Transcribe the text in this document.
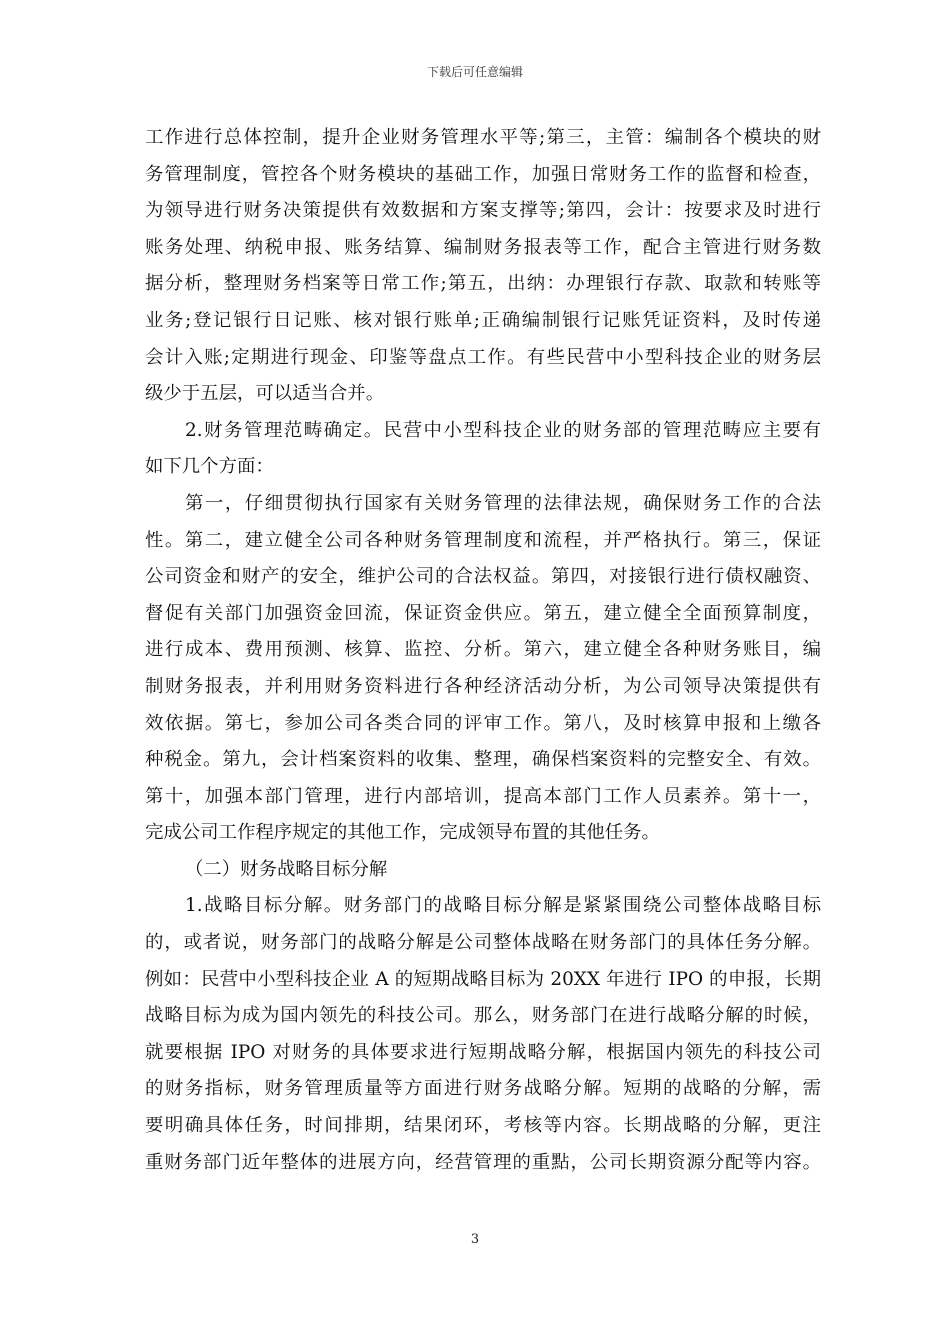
下载后可任意编辑
工作进行总体控制，提升企业财务管理水平等;第三，主管：编制各个模块的财
务管理制度，管控各个财务模块的基础工作，加强日常财务工作的监督和检查，
为领导进行财务决策提供有效数据和方案支撑等;第四，会计：按要求及时进行
账务处理、纳税申报、账务结算、编制财务报表等工作，配合主管进行财务数
据分析，整理财务档案等日常工作;第五，出纳：办理银行存款、取款和转账等
业务;登记银行日记账、核对银行账单;正确编制银行记账凭证资料，及时传递
会计入账;定期进行现金、印鉴等盘点工作。有些民营中小型科技企业的财务层
级少于五层，可以适当合并。
2.财务管理范畴确定。民营中小型科技企业的财务部的管理范畴应主要有
如下几个方面：
第一，仔细贯彻执行国家有关财务管理的法律法规，确保财务工作的合法
性。第二，建立健全公司各种财务管理制度和流程，并严格执行。第三，保证
公司资金和财产的安全，维护公司的合法权益。第四，对接银行进行债权融资、
督促有关部门加强资金回流，保证资金供应。第五，建立健全全面预算制度，
进行成本、费用预测、核算、监控、分析。第六，建立健全各种财务账目，编
制财务报表，并利用财务资料进行各种经济活动分析，为公司领导决策提供有
效依据。第七，参加公司各类合同的评审工作。第八，及时核算申报和上缴各
种税金。第九，会计档案资料的收集、整理，确保档案资料的完整安全、有效。
第十，加强本部门管理，进行内部培训，提高本部门工作人员素养。第十一，
完成公司工作程序规定的其他工作，完成领导布置的其他任务。
（二）财务战略目标分解
1.战略目标分解。财务部门的战略目标分解是紧紧围绕公司整体战略目标
的，或者说，财务部门的战略分解是公司整体战略在财务部门的具体任务分解。
例如：民营中小型科技企业 A 的短期战略目标为 20XX 年进行 IPO 的申报，长期
战略目标为成为国内领先的科技公司。那么，财务部门在进行战略分解的时候，
就要根据 IPO 对财务的具体要求进行短期战略分解，根据国内领先的科技公司
的财务指标，财务管理质量等方面进行财务战略分解。短期的战略的分解，需
要明确具体任务，时间排期，结果闭环，考核等内容。长期战略的分解，更注
重财务部门近年整体的进展方向，经营管理的重點，公司长期资源分配等内容。
3
